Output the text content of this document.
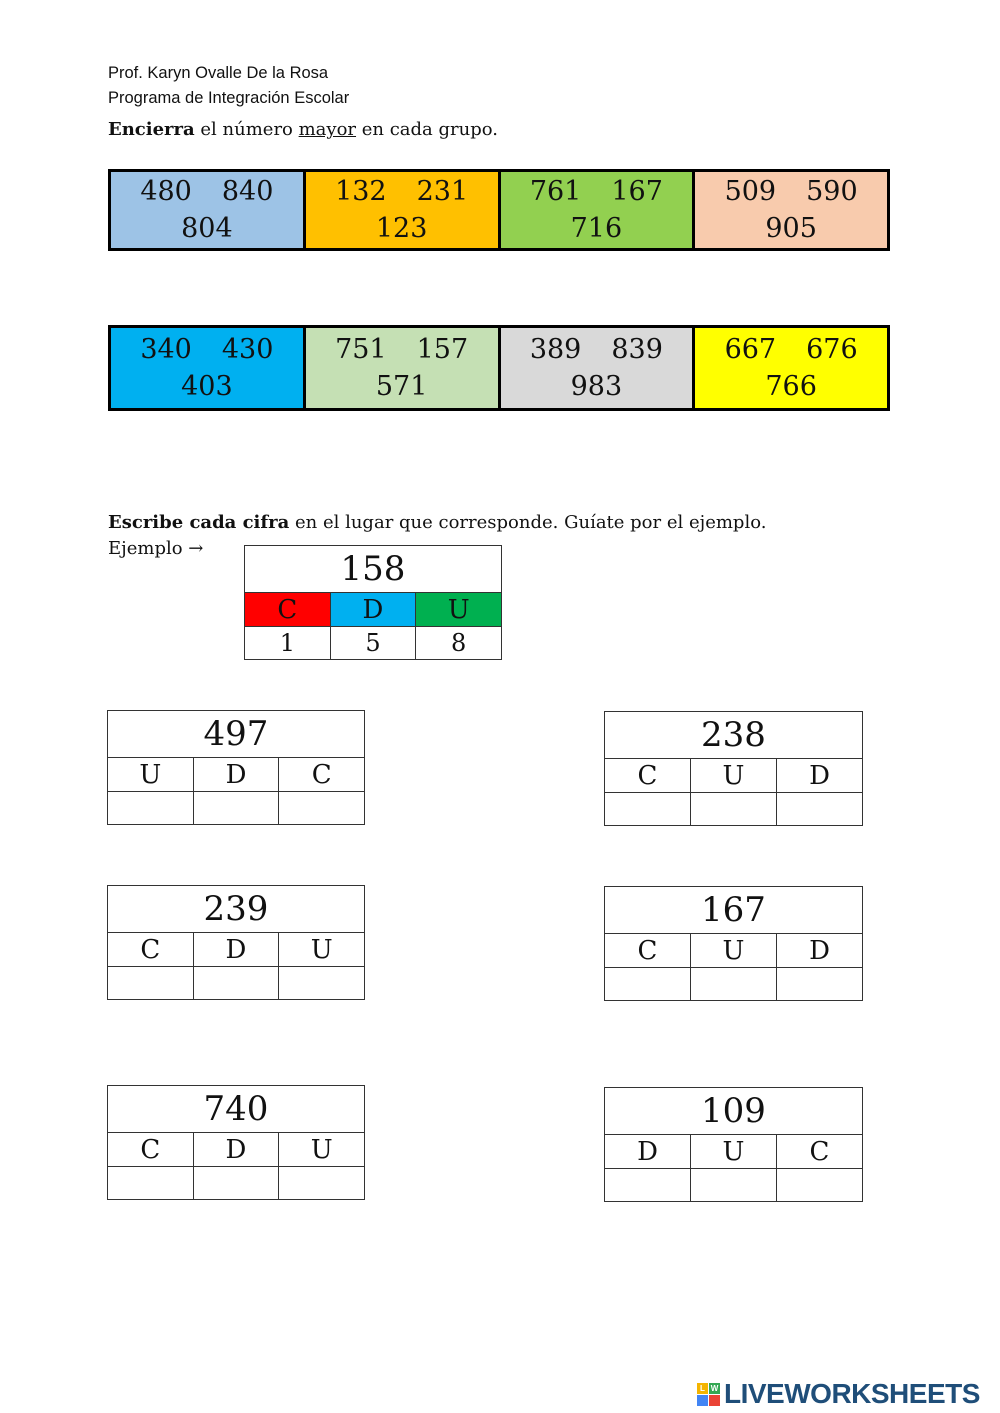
Prof. Karyn Ovalle De la Rosa
Programa de Integración Escolar
Encierra el número mayor en cada grupo.
480 840
804
132 231
123
761 167
716
509 590
905
340 430
403
751 157
571
389 839
983
667 676
766
Escribe cada cifra en el lugar que corresponde. Guíate por el ejemplo.
Ejemplo →
158		
C	D	U
1	5	8
497		
U	D	C

238		
C	U	D

239		
C	D	U

167		
C	U	D

740		
C	D	U

109		
D	U	C

L W LIVEWORKSHEETS
